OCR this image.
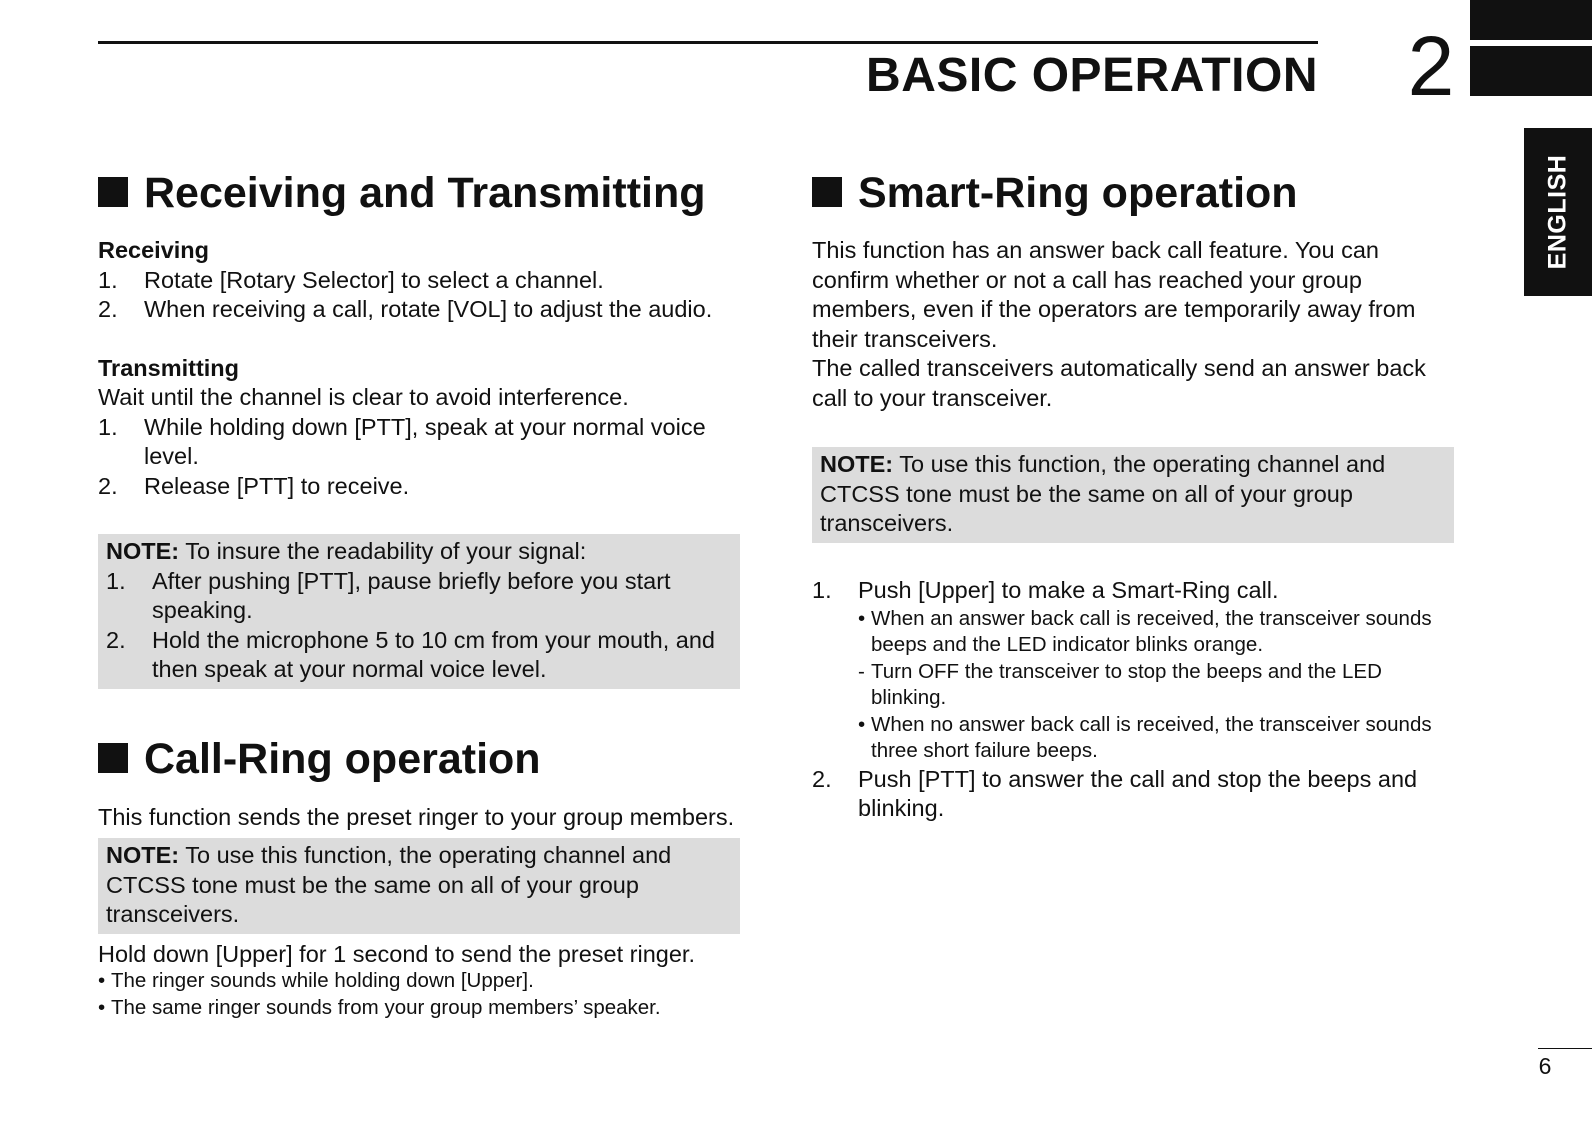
BASIC OPERATION 2
ENGLISH
Receiving and Transmitting
Receiving
1.	Rotate [Rotary Selector] to select a channel.
2.	When receiving a call, rotate [VOL] to adjust the audio.
Transmitting
Wait until the channel is clear to avoid interference.
1.	While holding down [PTT], speak at your normal voice level.
2.	Release [PTT] to receive.
NOTE: To insure the readability of your signal:
1.	After pushing [PTT], pause briefly before you start speaking.
2.	Hold the microphone 5 to 10 cm from your mouth, and then speak at your normal voice level.
Call-Ring operation
This function sends the preset ringer to your group members.
NOTE: To use this function, the operating channel and CTCSS tone must be the same on all of your group transceivers.
Hold down [Upper] for 1 second to send the preset ringer.
• The ringer sounds while holding down [Upper].
• The same ringer sounds from your group members’ speaker.
Smart-Ring operation
This function has an answer back call feature. You can confirm whether or not a call has reached your group members, even if the operators are temporarily away from their transceivers.
The called transceivers automatically send an answer back call to your transceiver.
NOTE: To use this function, the operating channel and CTCSS tone must be the same on all of your group transceivers.
1.	Push [Upper] to make a Smart-Ring call.
• When an answer back call is received, the transceiver sounds beeps and the LED indicator blinks orange.
- Turn OFF the transceiver to stop the beeps and the LED blinking.
• When no answer back call is received, the transceiver sounds three short failure beeps.
2.	Push [PTT] to answer the call and stop the beeps and blinking.
6
